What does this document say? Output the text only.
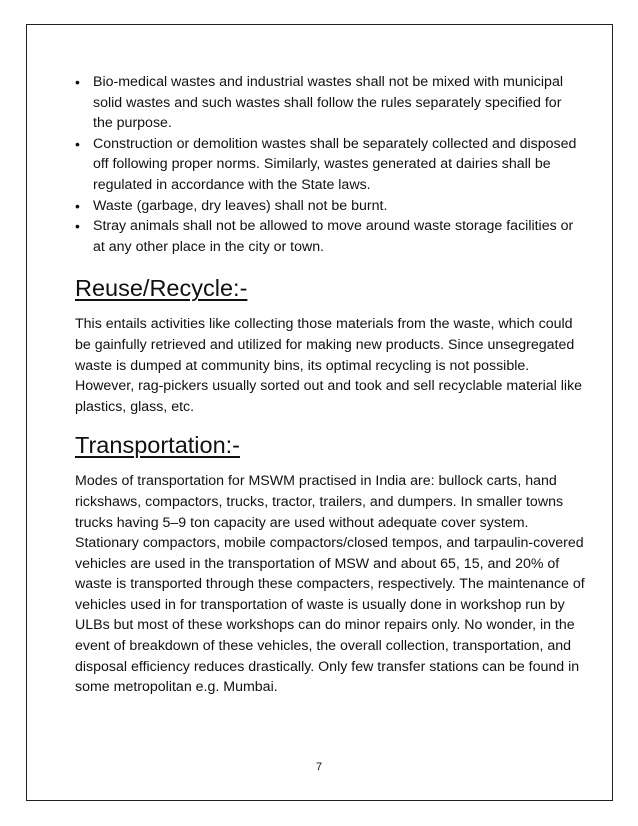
• Bio-medical wastes and industrial wastes shall not be mixed with municipal solid wastes and such wastes shall follow the rules separately specified for the purpose.
• Construction or demolition wastes shall be separately collected and disposed off following proper norms. Similarly, wastes generated at dairies shall be regulated in accordance with the State laws.
• Waste (garbage, dry leaves) shall not be burnt.
• Stray animals shall not be allowed to move around waste storage facilities or at any other place in the city or town.
Reuse/Recycle:-

This entails activities like collecting those materials from the waste, which could be gainfully retrieved and utilized for making new products. Since unsegregated waste is dumped at community bins, its optimal recycling is not possible. However, rag-pickers usually sorted out and took and sell recyclable material like plastics, glass, etc.

Transportation:-

Modes of transportation for MSWM practised in India are: bullock carts, hand rickshaws, compactors, trucks, tractor, trailers, and dumpers. In smaller towns trucks having 5–9 ton capacity are used without adequate cover system. Stationary compactors, mobile compactors/closed tempos, and tarpaulin-covered vehicles are used in the transportation of MSW and about 65, 15, and 20% of waste is transported through these compacters, respectively. The maintenance of vehicles used in for transportation of waste is usually done in workshop run by ULBs but most of these workshops can do minor repairs only. No wonder, in the event of breakdown of these vehicles, the overall collection, transportation, and disposal efficiency reduces drastically. Only few transfer stations can be found in some metropolitan e.g. Mumbai.

7
